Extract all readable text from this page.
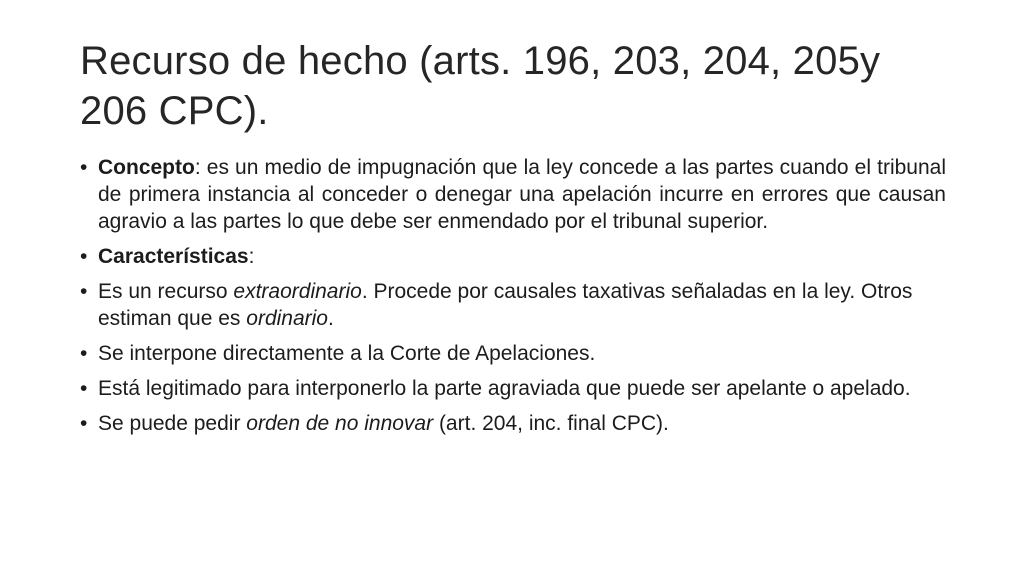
Recurso de hecho (arts. 196, 203, 204, 205y
206 CPC).
• Concepto: es un medio de impugnación que la ley concede a las partes cuando el tribunal de primera instancia al conceder o denegar una apelación incurre en errores que causan agravio a las partes lo que debe ser enmendado por el tribunal superior.
• Características:
• Es un recurso extraordinario. Procede por causales taxativas señaladas en la ley. Otros estiman que es ordinario.
• Se interpone directamente a la Corte de Apelaciones.
• Está legitimado para interponerlo la parte agraviada que puede ser apelante o apelado.
• Se puede pedir orden de no innovar (art. 204, inc. final CPC).
